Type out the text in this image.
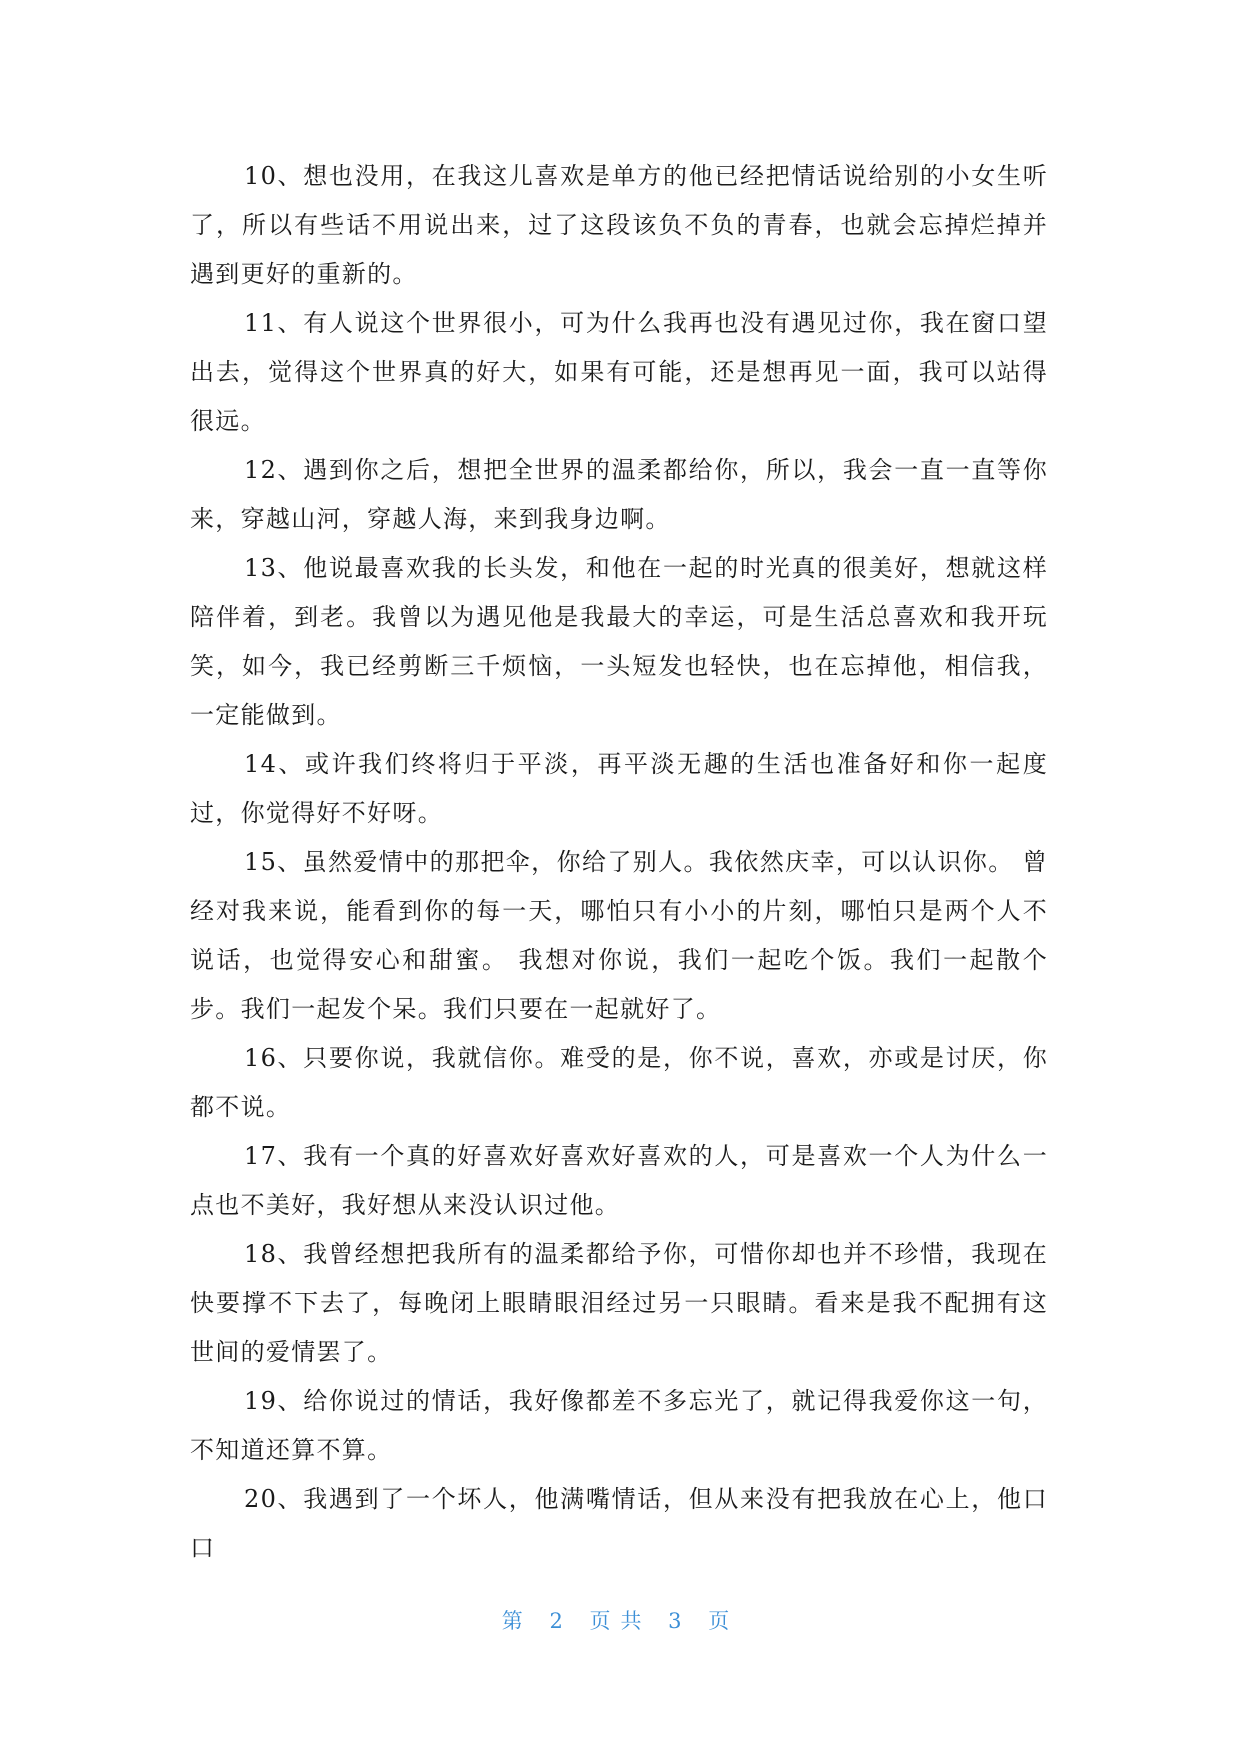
10、想也没用，在我这儿喜欢是单方的他已经把情话说给别的小女生听了，所以有些话不用说出来，过了这段该负不负的青春，也就会忘掉烂掉并遇到更好的重新的。

11、有人说这个世界很小，可为什么我再也没有遇见过你，我在窗口望出去，觉得这个世界真的好大，如果有可能，还是想再见一面，我可以站得很远。

12、遇到你之后，想把全世界的温柔都给你，所以，我会一直一直等你来，穿越山河，穿越人海，来到我身边啊。

13、他说最喜欢我的长头发，和他在一起的时光真的很美好，想就这样陪伴着，到老。我曾以为遇见他是我最大的幸运，可是生活总喜欢和我开玩笑，如今，我已经剪断三千烦恼，一头短发也轻快，也在忘掉他，相信我，一定能做到。

14、或许我们终将归于平淡，再平淡无趣的生活也准备好和你一起度过，你觉得好不好呀。

15、虽然爱情中的那把伞，你给了别人。我依然庆幸，可以认识你。 曾经对我来说，能看到你的每一天，哪怕只有小小的片刻，哪怕只是两个人不说话，也觉得安心和甜蜜。 我想对你说，我们一起吃个饭。我们一起散个步。我们一起发个呆。我们只要在一起就好了。

16、只要你说，我就信你。难受的是，你不说，喜欢，亦或是讨厌，你都不说。

17、我有一个真的好喜欢好喜欢好喜欢的人，可是喜欢一个人为什么一点也不美好，我好想从来没认识过他。

18、我曾经想把我所有的温柔都给予你，可惜你却也并不珍惜，我现在快要撑不下去了，每晚闭上眼睛眼泪经过另一只眼睛。看来是我不配拥有这世间的爱情罢了。

19、给你说过的情话，我好像都差不多忘光了，就记得我爱你这一句，不知道还算不算。

20、我遇到了一个坏人，他满嘴情话，但从来没有把我放在心上，他口口

第 2 页共 3 页
